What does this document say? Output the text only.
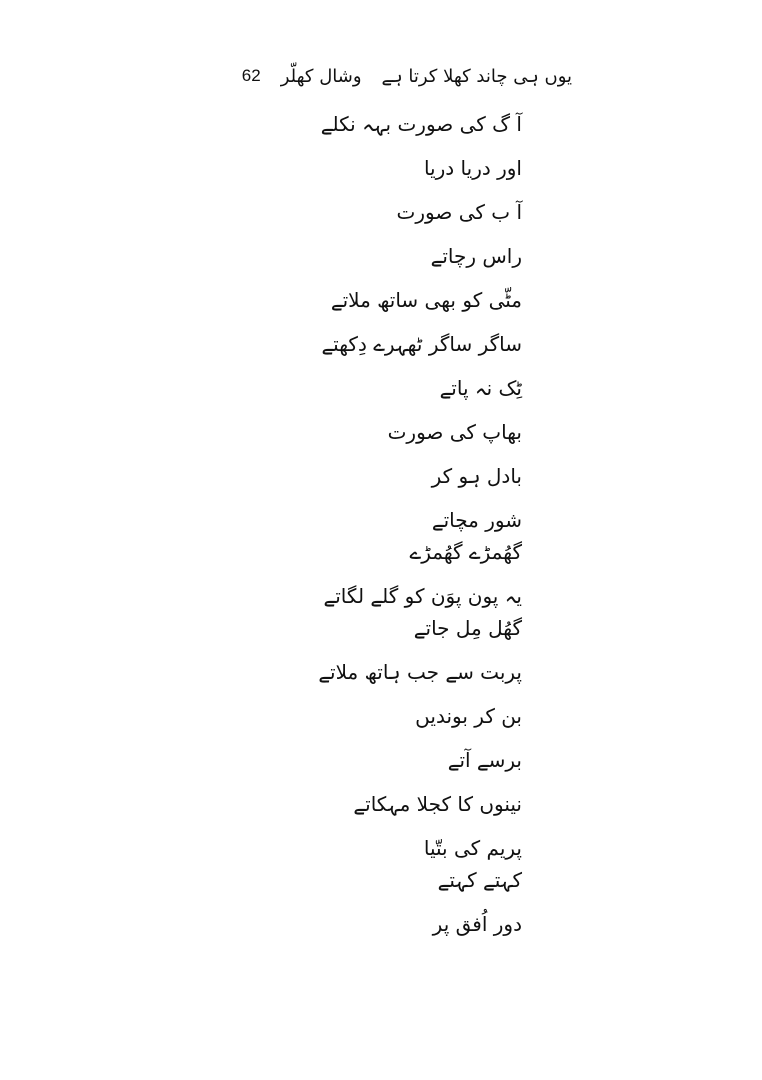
یوں ہی چاند کھلا کرتا ہے
وشال کھلّر
62
آ گ کی صورت بہہ نکلے
اور دریا دریا
آ ب کی صورت
راس رچاتے
مٹّی کو بھی ساتھ ملاتے
ساگر ساگر ٹھہرے دِکھتے
ٹِک نہ پاتے
بھاپ کی صورت
بادل ہو کر
شور مچاتے
گھُمڑے گھُمڑے
یہ پون پوَن کو گلے لگاتے
گھُل مِل جاتے
پربت سے جب ہاتھ ملاتے
بن کر بوندیں
برسے آتے
نینوں کا کجلا مہکاتے
پریم کی بتّیا
کہتے کہتے
دور اُفق پر
